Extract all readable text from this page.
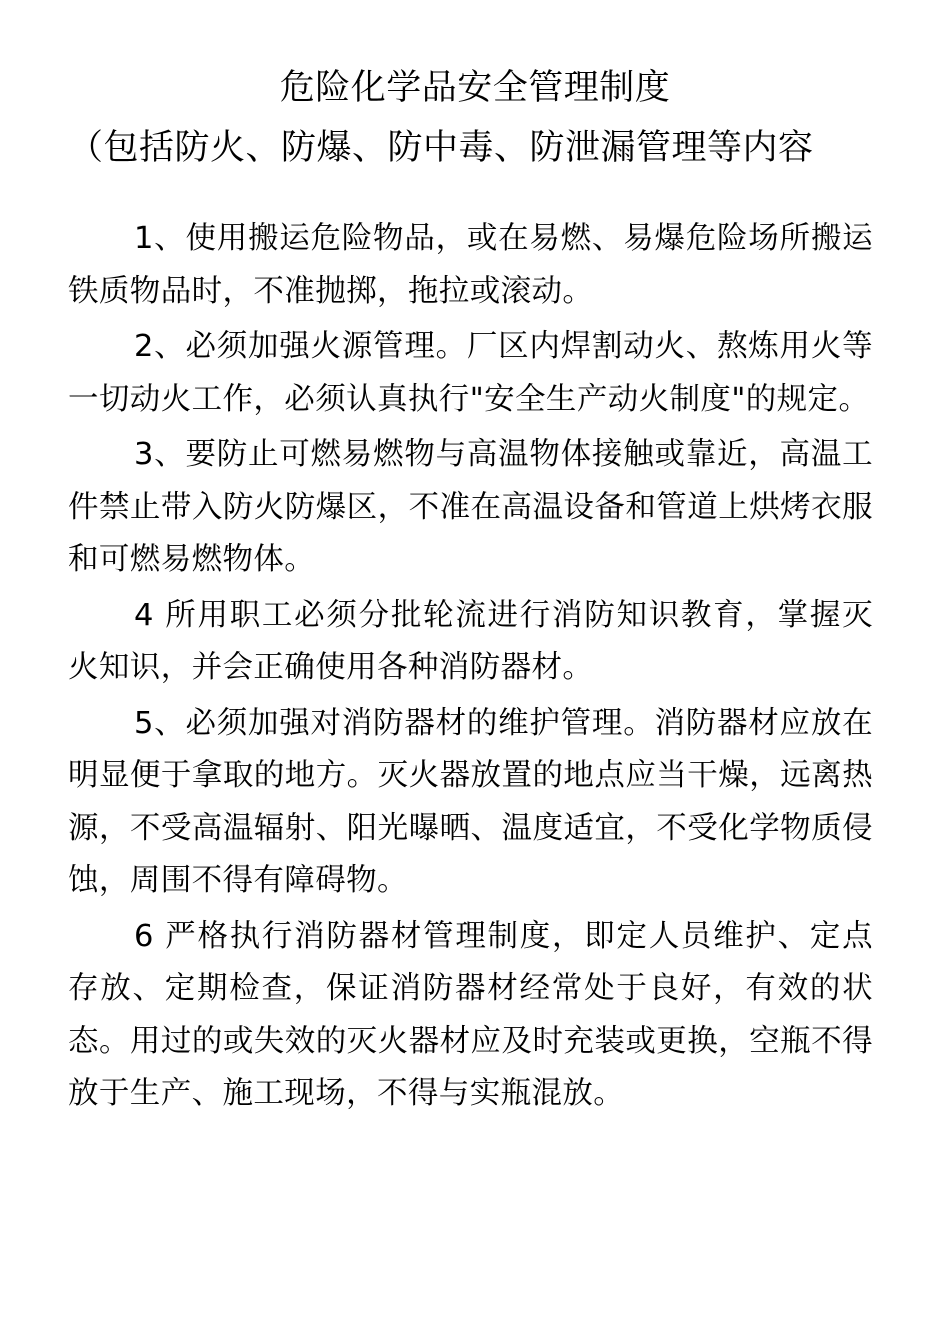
危险化学品安全管理制度
（包括防火、防爆、防中毒、防泄漏管理等内容

1、使用搬运危险物品，或在易燃、易爆危险场所搬运铁质物品时，不准抛掷，拖拉或滚动。

2、必须加强火源管理。厂区内焊割动火、熬炼用火等一切动火工作，必须认真执行"安全生产动火制度"的规定。

3、要防止可燃易燃物与高温物体接触或靠近，高温工件禁止带入防火防爆区，不准在高温设备和管道上烘烤衣服和可燃易燃物体。

4 所用职工必须分批轮流进行消防知识教育，掌握灭火知识，并会正确使用各种消防器材。

5、必须加强对消防器材的维护管理。消防器材应放在明显便于拿取的地方。灭火器放置的地点应当干燥，远离热源，不受高温辐射、阳光曝晒、温度适宜，不受化学物质侵蚀，周围不得有障碍物。

6 严格执行消防器材管理制度，即定人员维护、定点存放、定期检查，保证消防器材经常处于良好，有效的状态。用过的或失效的灭火器材应及时充装或更换，空瓶不得放于生产、施工现场，不得与实瓶混放。
